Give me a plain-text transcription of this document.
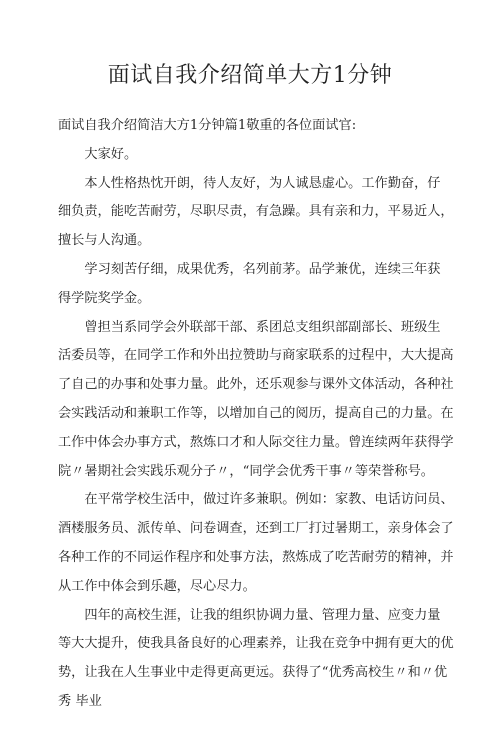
面试自我介绍简单大方1分钟

面试自我介绍简洁大方1分钟篇1敬重的各位面试官:

大家好。

本人性格热忱开朗，待人友好，为人诚恳虚心。工作勤奋，仔 细负责，能吃苦耐劳，尽职尽责，有急躁。具有亲和力，平易近人，擅长与人沟通。

学习刻苦仔细，成果优秀，名列前茅。品学兼优，连续三年获 得学院奖学金。

曾担当系同学会外联部干部、系团总支组织部副部长、班级生 活委员等，在同学工作和外出拉赞助与商家联系的过程中，大大提高 了自己的办事和处事力量。此外，还乐观参与课外文体活动，各种社 会实践活动和兼职工作等，以增加自己的阅历，提高自己的力量。在 工作中体会办事方式，熬炼口才和人际交往力量。曾连续两年获得学 院〃暑期社会实践乐观分子〃，“同学会优秀干事〃等荣誉称号。

在平常学校生活中，做过许多兼职。例如：家教、电话访问员、酒楼服务员、派传单、问卷调查，还到工厂打过暑期工，亲身体会了 各种工作的不同运作程序和处事方法，熬炼成了吃苦耐劳的精神，并 从工作中体会到乐趣，尽心尽力。

四年的高校生涯，让我的组织协调力量、管理力量、应变力量 等大大提升，使我具备良好的心理素养，让我在竞争中拥有更大的优 势，让我在人生事业中走得更高更远。获得了“优秀高校生〃和〃优秀 毕业
